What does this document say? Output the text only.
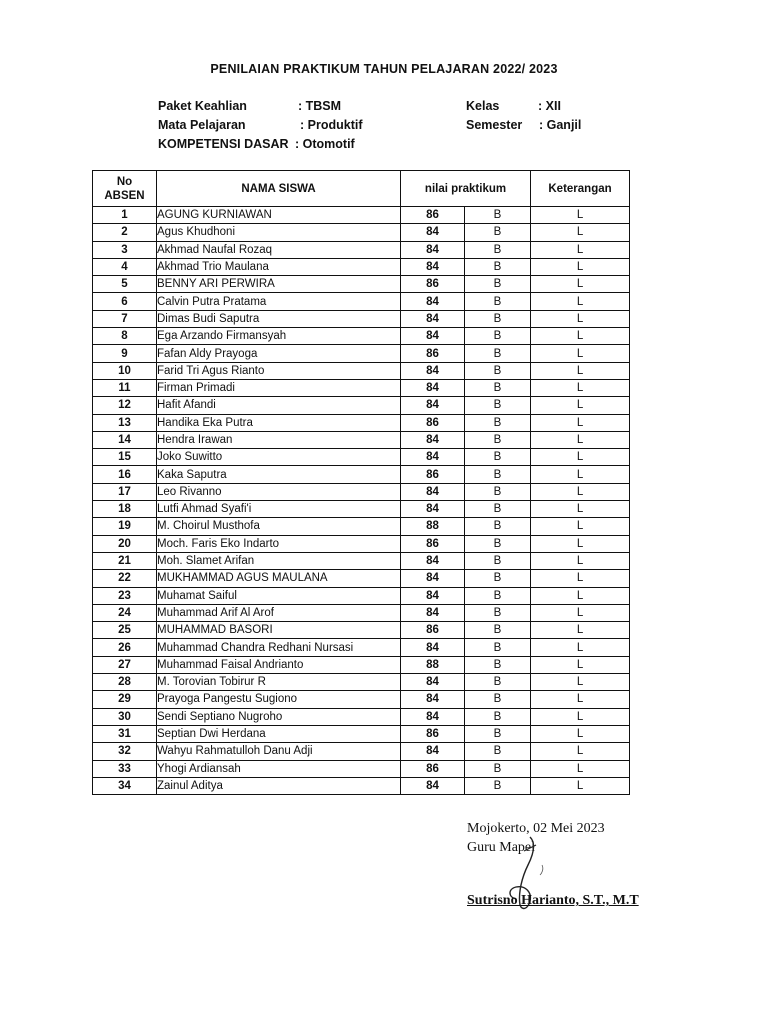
PENILAIAN PRAKTIKUM TAHUN PELAJARAN 2022/ 2023
Paket Keahlian	: TBSM
Mata Pelajaran	: Produktif
KOMPETENSI DASAR : Otomotif
Kelas	: XII
Semester : Ganjil
No
ABSEN	NAMA SISWA	nilai praktikum		Keterangan
1	AGUNG KURNIAWAN	86	B	L
2	Agus Khudhoni	84	B	L
3	Akhmad Naufal Rozaq	84	B	L
4	Akhmad Trio Maulana	84	B	L
5	BENNY ARI PERWIRA	86	B	L
6	Calvin Putra Pratama	84	B	L
7	Dimas Budi Saputra	84	B	L
8	Ega Arzando Firmansyah	84	B	L
9	Fafan Aldy Prayoga	86	B	L
10	Farid Tri Agus Rianto	84	B	L
11	Firman Primadi	84	B	L
12	Hafit Afandi	84	B	L
13	Handika Eka Putra	86	B	L
14	Hendra Irawan	84	B	L
15	Joko Suwitto	84	B	L
16	Kaka Saputra	86	B	L
17	Leo Rivanno	84	B	L
18	Lutfi Ahmad Syafi'i	84	B	L
19	M. Choirul Musthofa	88	B	L
20	Moch. Faris Eko Indarto	86	B	L
21	Moh. Slamet Arifan	84	B	L
22	MUKHAMMAD AGUS MAULANA	84	B	L
23	Muhamat Saiful	84	B	L
24	Muhammad Arif Al Arof	84	B	L
25	MUHAMMAD BASORI	86	B	L
26	Muhammad Chandra Redhani Nursasi	84	B	L
27	Muhammad Faisal Andrianto	88	B	L
28	M. Torovian Tobirur R	84	B	L
29	Prayoga Pangestu Sugiono	84	B	L
30	Sendi Septiano Nugroho	84	B	L
31	Septian Dwi Herdana	86	B	L
32	Wahyu Rahmatulloh Danu Adji	84	B	L
33	Yhogi Ardiansah	86	B	L
34	Zainul Aditya	84	B	L
Mojokerto, 02 Mei 2023
Guru Mapel
Sutrisno Harianto, S.T., M.T
